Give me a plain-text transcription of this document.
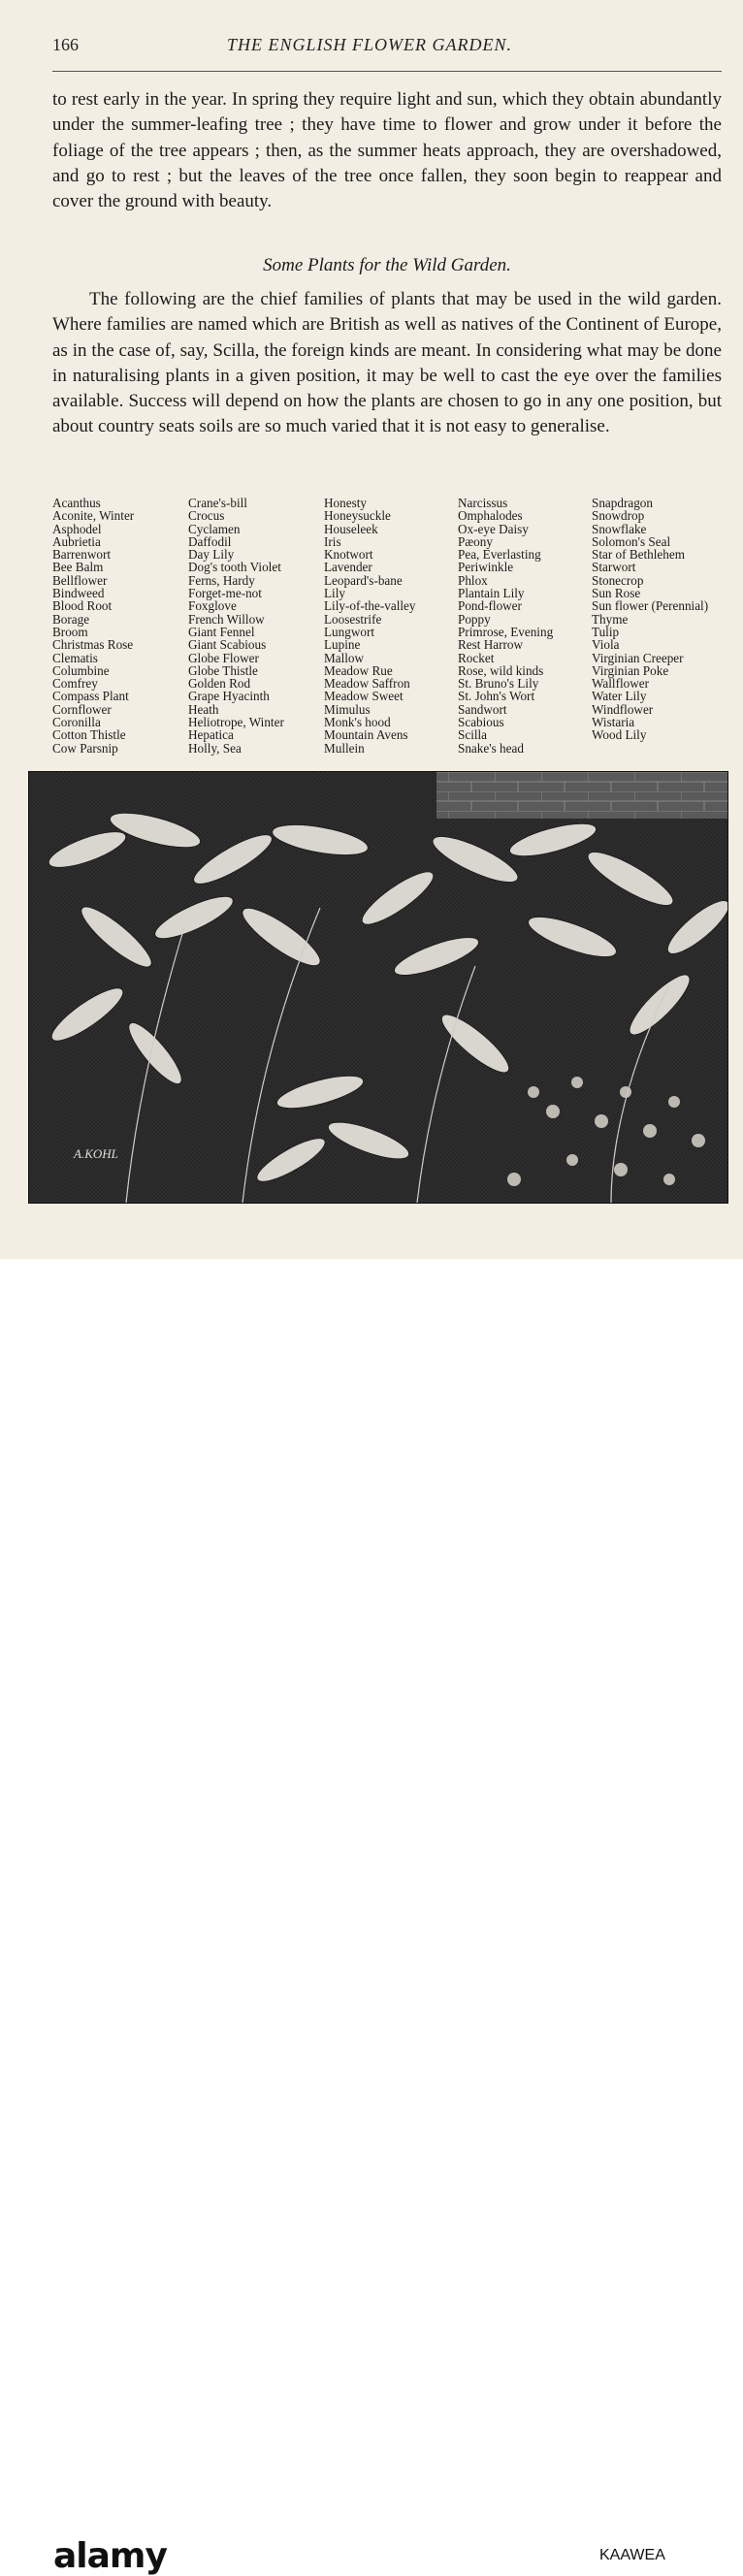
166	THE ENGLISH FLOWER GARDEN.

to rest early in the year. In spring they require light and sun, which they obtain abundantly under the summer-leafing tree ; they have time to flower and grow under it before the foliage of the tree appears ; then, as the summer heats approach, they are overshadowed, and go to rest ; but the leaves of the tree once fallen, they soon begin to reappear and cover the ground with beauty.

Some Plants for the Wild Garden.

The following are the chief families of plants that may be used in the wild garden. Where families are named which are British as well as natives of the Continent of Europe, as in the case of, say, Scilla, the foreign kinds are meant. In considering what may be done in naturalising plants in a given position, it may be well to cast the eye over the families available. Success will depend on how the plants are chosen to go in any one position, but about country seats soils are so much varied that it is not easy to generalise.

Acanthus
Aconite, Winter
Asphodel
Aubrietia
Barrenwort
Bee Balm
Bellflower
Bindweed
Blood Root
Borage
Broom
Christmas Rose
Clematis
Columbine
Comfrey
Compass Plant
Cornflower
Coronilla
Cotton Thistle
Cow Parsnip
Crane's-bill
Crocus
Cyclamen
Daffodil
Day Lily
Dog's tooth Violet
Ferns, Hardy
Forget-me-not
Foxglove
French Willow
Giant Fennel
Giant Scabious
Globe Flower
Globe Thistle
Golden Rod
Grape Hyacinth
Heath
Heliotrope, Winter
Hepatica
Holly, Sea
Honesty
Honeysuckle
Houseleek
Iris
Knotwort
Lavender
Leopard's-bane
Lily
Lily-of-the-valley
Loosestrife
Lungwort
Lupine
Mallow
Meadow Rue
Meadow Saffron
Meadow Sweet
Mimulus
Monk's hood
Mountain Avens
Mullein
Narcissus
Omphalodes
Ox-eye Daisy
Pæony
Pea, Everlasting
Periwinkle
Phlox
Plantain Lily
Pond-flower
Poppy
Primrose, Evening
Rest Harrow
Rocket
Rose, wild kinds
St. Bruno's Lily
St. John's Wort
Sandwort
Scabious
Scilla
Snake's head
Snapdragon
Snowdrop
Snowflake
Solomon's Seal
Star of Bethlehem
Starwort
Stonecrop
Sun Rose
Sun flower (Perennial)
Thyme
Tulip
Viola
Virginian Creeper
Virginian Poke
Wallflower
Water Lily
Windflower
Wistaria
Wood Lily
A.KOHL
alamy	KAAWEA
